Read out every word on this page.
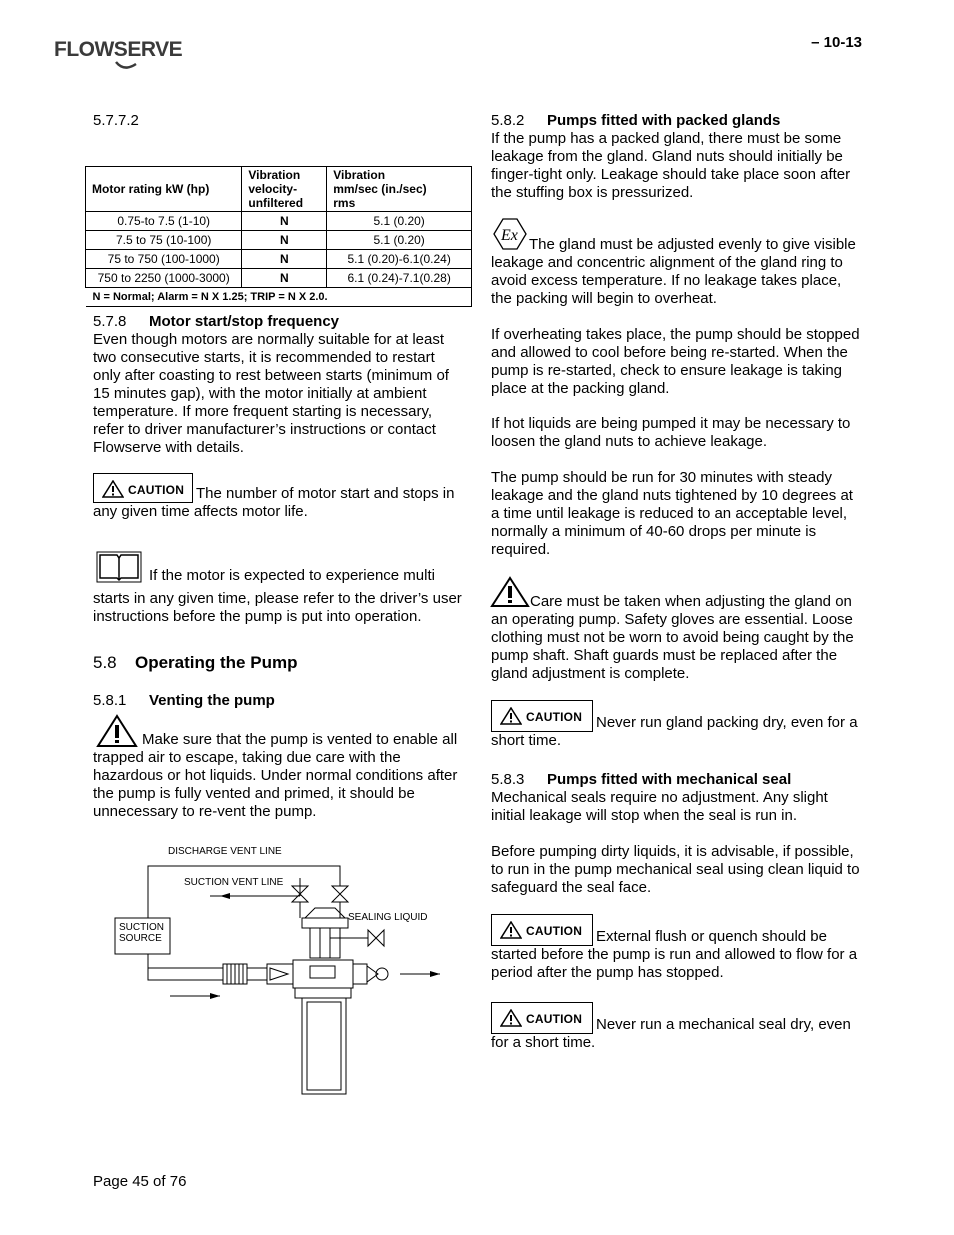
FLOWSERVE	– 10-13
5.7.7.2
Motor rating kW (hp)	Vibration
velocity-
unfiltered	Vibration
mm/sec (in./sec)
rms
0.75-to 7.5 (1-10)	N	5.1 (0.20)
7.5 to 75 (10-100)	N	5.1 (0.20)
75 to 750 (100-1000)	N	5.1 (0.20)-6.1(0.24)
750 to 2250 (1000-3000)	N	6.1 (0.24)-7.1(0.28)
N = Normal; Alarm = N X 1.25; TRIP = N X 2.0.		
5.7.8 Motor start/stop frequency
Even though motors are normally suitable for at least two consecutive starts, it is recommended to restart only after coasting to rest between starts (minimum of 15 minutes gap), with the motor initially at ambient temperature. If more frequent starting is necessary, refer to driver manufacturer’s instructions or contact Flowserve with details.
CAUTION The number of motor start and stops in any given time affects motor life.
If the motor is expected to experience multi
starts in any given time, please refer to the driver’s user instructions before the pump is put into operation.
5.8 Operating the Pump
5.8.1 Venting the pump
Make sure that the pump is vented to enable all trapped air to escape, taking due care with the hazardous or hot liquids. Under normal conditions after the pump is fully vented and primed, it should be unnecessary to re-vent the pump.
DISCHARGE VENT LINE
SUCTION VENT LINE
SEALING LIQUID
SUCTION
SOURCE
5.8.2 Pumps fitted with packed glands
If the pump has a packed gland, there must be some leakage from the gland. Gland nuts should initially be finger-tight only. Leakage should take place soon after the stuffing box is pressurized.
Ex
The gland must be adjusted evenly to give visible leakage and concentric alignment of the gland ring to avoid excess temperature. If no leakage takes place, the packing will begin to overheat.
If overheating takes place, the pump should be stopped and allowed to cool before being re-started. When the pump is re-started, check to ensure leakage is taking place at the packing gland.
If hot liquids are being pumped it may be necessary to loosen the gland nuts to achieve leakage.
The pump should be run for 30 minutes with steady leakage and the gland nuts tightened by 10 degrees at a time until leakage is reduced to an acceptable level, normally a minimum of 40-60 drops per minute is required.
Care must be taken when adjusting the gland on an operating pump. Safety gloves are essential. Loose clothing must not be worn to avoid being caught by the pump shaft. Shaft guards must be replaced after the gland adjustment is complete.
CAUTION Never run gland packing dry, even for a short time.
5.8.3 Pumps fitted with mechanical seal
Mechanical seals require no adjustment. Any slight initial leakage will stop when the seal is run in.
Before pumping dirty liquids, it is advisable, if possible, to run in the pump mechanical seal using clean liquid to safeguard the seal face.
CAUTION External flush or quench should be started before the pump is run and allowed to flow for a period after the pump has stopped.
CAUTION Never run a mechanical seal dry, even for a short time.
Page 45 of 76
